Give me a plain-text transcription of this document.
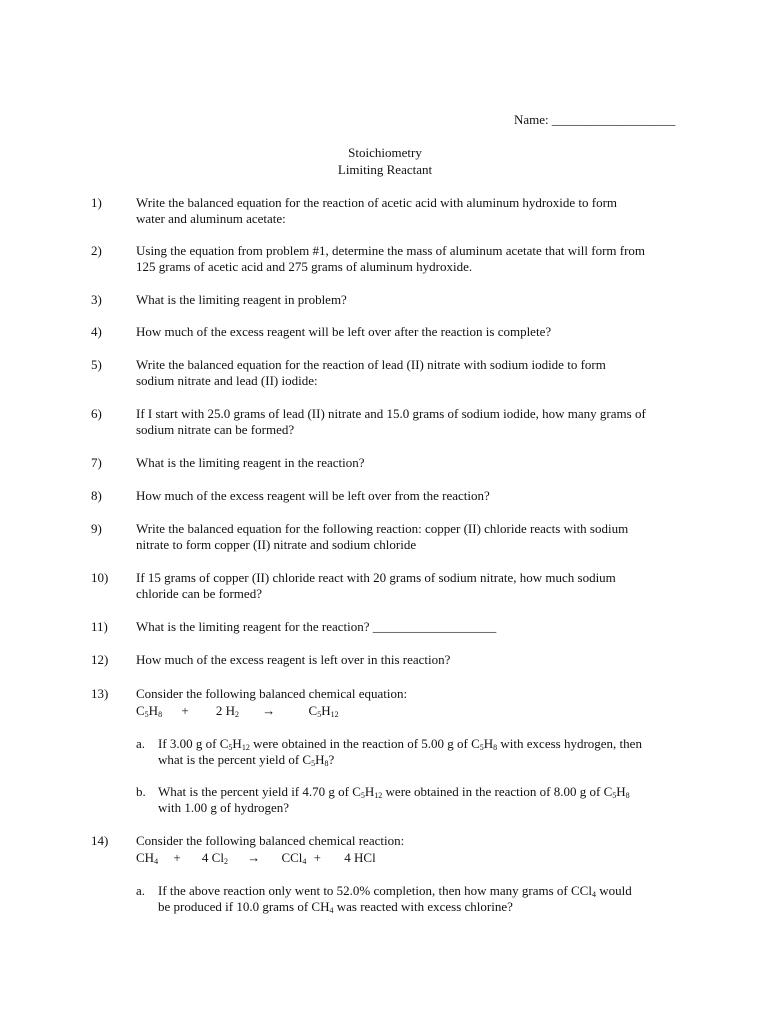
Name: ___________________
Stoichiometry
Limiting Reactant
1)	Write the balanced equation for the reaction of acetic acid with aluminum hydroxide to form
water and aluminum acetate:
2)	Using the equation from problem #1, determine the mass of aluminum acetate that will form from
125 grams of acetic acid and 275 grams of aluminum hydroxide.
3)	What is the limiting reagent in problem?
4)	How much of the excess reagent will be left over after the reaction is complete?
5)	Write the balanced equation for the reaction of lead (II) nitrate with sodium iodide to form
sodium nitrate and lead (II) iodide:
6)	If I start with 25.0 grams of lead (II) nitrate and 15.0 grams of sodium iodide, how many grams of
sodium nitrate can be formed?
7)	What is the limiting reagent in the reaction?
8)	How much of the excess reagent will be left over from the reaction?
9)	Write the balanced equation for the following reaction: copper (II) chloride reacts with sodium
nitrate to form copper (II) nitrate and sodium chloride
10) If 15 grams of copper (II) chloride react with 20 grams of sodium nitrate, how much sodium
chloride can be formed?
11) What is the limiting reagent for the reaction? ___________________
12) How much of the excess reagent is left over in this reaction?
13) Consider the following balanced chemical equation:
$C_5H_8 + 2$ $H_2$ →	$C_5H_{12}$
a. If 3.00 g of $C_5H_{12}$ were obtained in the reaction of 5.00 g of $C_5H_8$ with excess hydrogen, then
what is the percent yield of $C_5H_8$?
b. What is the percent yield if 4.70 g of $C_5H_{12}$ were obtained in the reaction of 8.00 g of $C_5H_8$
with 1.00 g of hydrogen?
14) Consider the following balanced chemical reaction:
$CH_4 + 4$ $Cl_2 \to CCl_4 + 4$ HCl
a. If the above reaction only went to 52.0% completion, then how many grams of CCl$_4$ would
be produced if 10.0 grams of $CH_4$ was reacted with excess chlorine?
